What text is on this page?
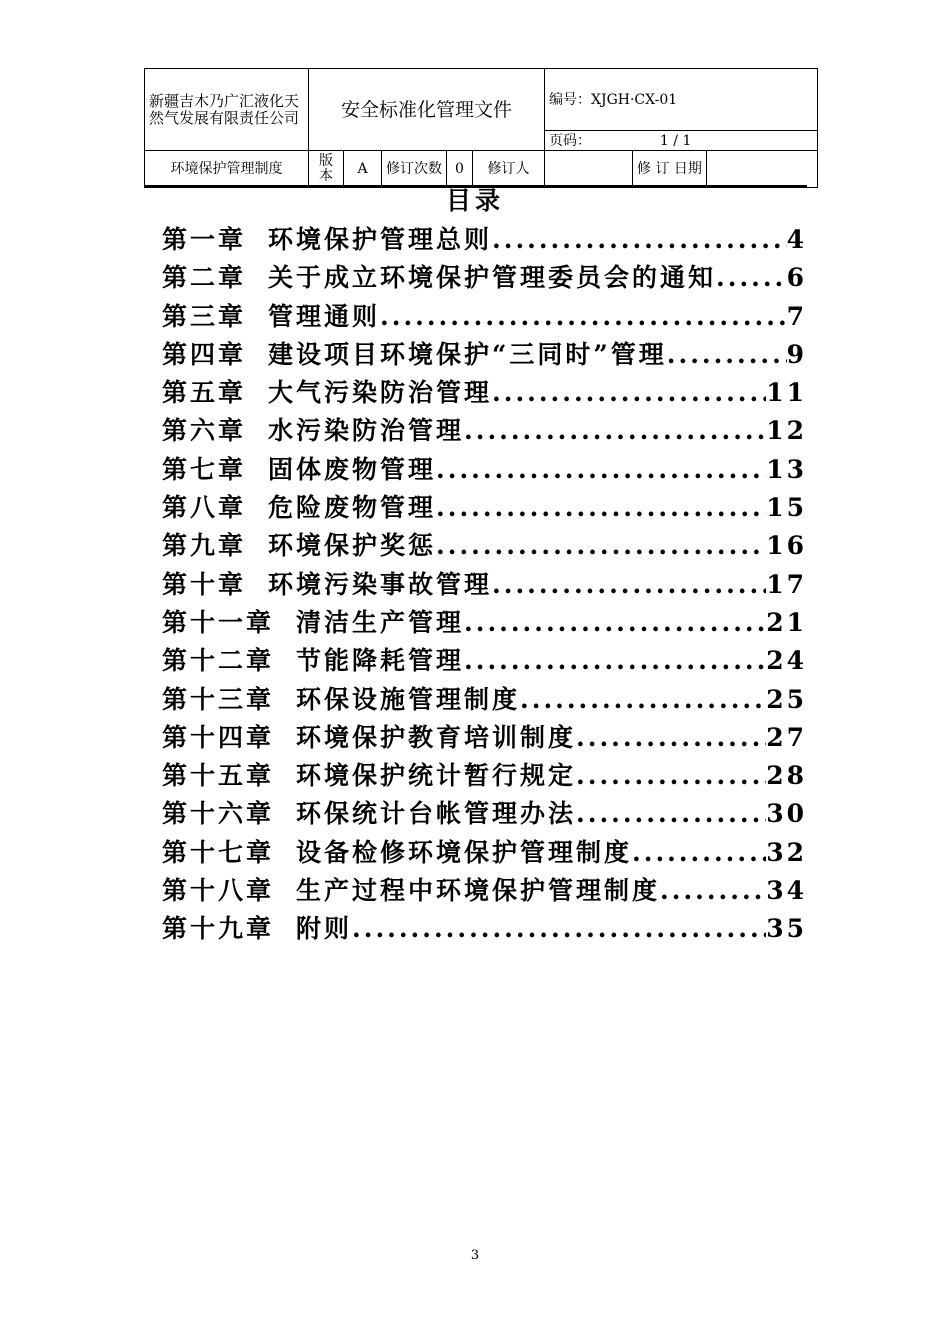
新疆吉木乃广汇液化天然气发展有限责任公司	安全标准化管理文件					编号：XJGH·CX-01		
						页码： 1 / 1		
环境保护管理制度	版本	A	修订次数	0	修订人		修 订 日期	
目录
第一章 环境保护管理总则 .....	4
第二章 关于成立环境保护管理委员会的通知 .....	6
第三章 管理通则 .....	7
第四章 建设项目环境保护“三同时”管理 .....	9
第五章 大气污染防治管理 .....	11
第六章 水污染防治管理 .....	12
第七章 固体废物管理 .....	13
第八章 危险废物管理 .....	15
第九章 环境保护奖惩 .....	16
第十章 环境污染事故管理 .....	17
第十一章 清洁生产管理 .....	21
第十二章 节能降耗管理 .....	24
第十三章 环保设施管理制度 .....	25
第十四章 环境保护教育培训制度 .....	27
第十五章 环境保护统计暂行规定 .....	28
第十六章 环保统计台帐管理办法 .....	30
第十七章 设备检修环境保护管理制度 .....	32
第十八章 生产过程中环境保护管理制度 .....	34
第十九章 附则 .....	35
3
